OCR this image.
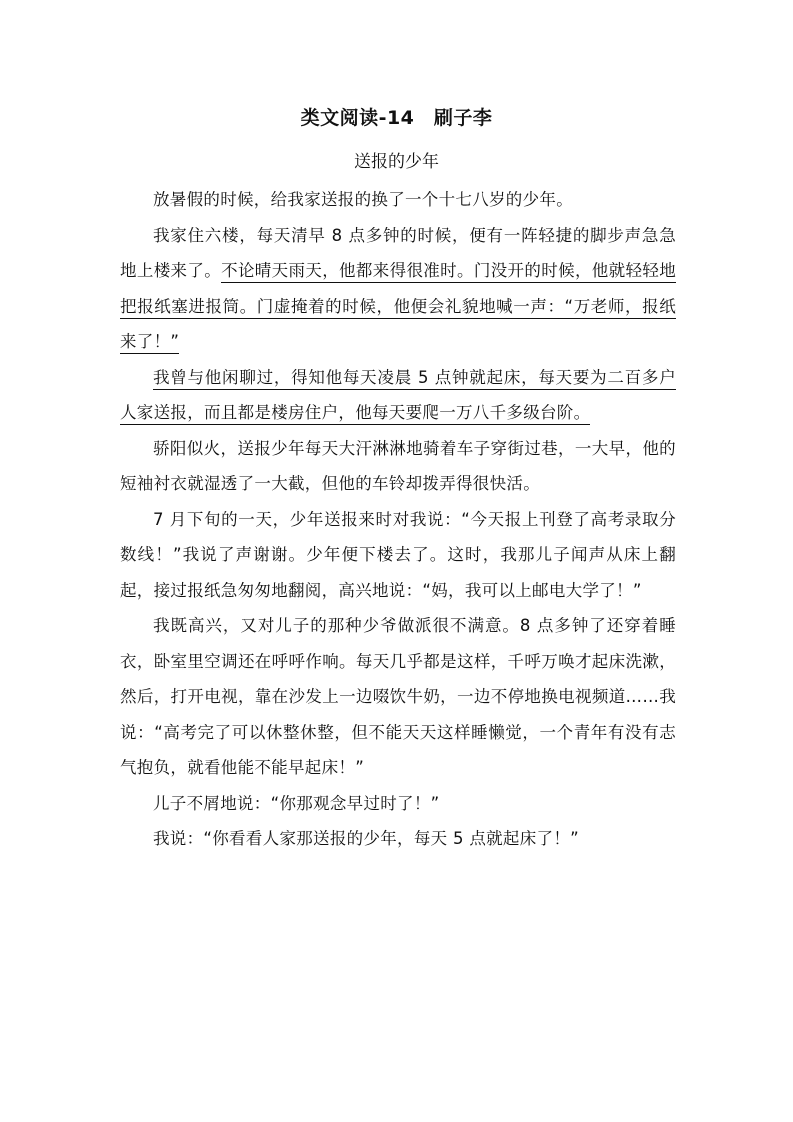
类文阅读-14　刷子李
送报的少年

放暑假的时候，给我家送报的换了一个十七八岁的少年。

我家住六楼，每天清早 8 点多钟的时候，便有一阵轻捷的脚步声急急地上楼来了。不论晴天雨天，他都来得很准时。门没开的时候，他就轻轻地把报纸塞进报筒。门虚掩着的时候，他便会礼貌地喊一声：“万老师，报纸来了！”

我曾与他闲聊过，得知他每天凌晨 5 点钟就起床，每天要为二百多户人家送报，而且都是楼房住户，他每天要爬一万八千多级台阶。

骄阳似火，送报少年每天大汗淋淋地骑着车子穿街过巷，一大早，他的短袖衬衣就湿透了一大截，但他的车铃却拨弄得很快活。

7 月下旬的一天，少年送报来时对我说：“今天报上刊登了高考录取分数线！”我说了声谢谢。少年便下楼去了。这时，我那儿子闻声从床上翻起，接过报纸急匆匆地翻阅，高兴地说：“妈，我可以上邮电大学了！”

我既高兴，又对儿子的那种少爷做派很不满意。8 点多钟了还穿着睡衣，卧室里空调还在呼呼作响。每天几乎都是这样，千呼万唤才起床洗漱，然后，打开电视，靠在沙发上一边啜饮牛奶，一边不停地换电视频道……我说：“高考完了可以休整休整，但不能天天这样睡懒觉，一个青年有没有志气抱负，就看他能不能早起床！”

儿子不屑地说：“你那观念早过时了！”

我说：“你看看人家那送报的少年，每天 5 点就起床了！”
